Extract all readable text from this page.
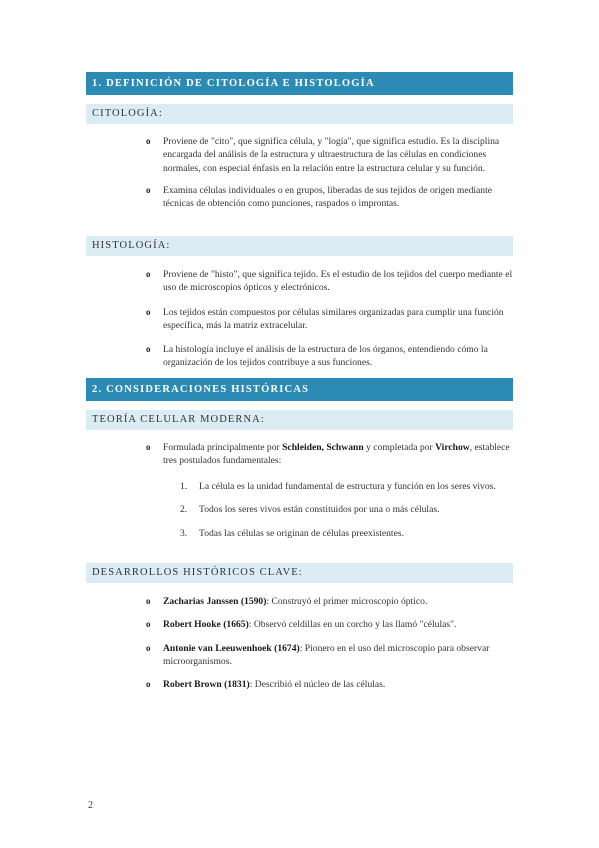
1. DEFINICIÓN DE CITOLOGÍA E HISTOLOGÍA
CITOLOGÍA:
o Proviene de "cito", que significa célula, y "logía", que significa estudio. Es la disciplina encargada del análisis de la estructura y ultraestructura de las células en condiciones normales, con especial énfasis en la relación entre la estructura celular y su función.
o Examina células individuales o en grupos, liberadas de sus tejidos de origen mediante técnicas de obtención como punciones, raspados o improntas.
HISTOLOGÍA:
o Proviene de "histo", que significa tejido. Es el estudio de los tejidos del cuerpo mediante el uso de microscopios ópticos y electrónicos.
o Los tejidos están compuestos por células similares organizadas para cumplir una función específica, más la matriz extracelular.
o La histología incluye el análisis de la estructura de los órganos, entendiendo cómo la organización de los tejidos contribuye a sus funciones.
2. CONSIDERACIONES HISTÓRICAS
TEORÍA CELULAR MODERNA:
o Formulada principalmente por Schleiden, Schwann y completada por Virchow, establece tres postulados fundamentales:
1. La célula es la unidad fundamental de estructura y función en los seres vivos.
2. Todos los seres vivos están constituidos por una o más células.
3. Todas las células se originan de células preexistentes.
DESARROLLOS HISTÓRICOS CLAVE:
o Zacharias Janssen (1590): Construyó el primer microscopio óptico.
o Robert Hooke (1665): Observó celdillas en un corcho y las llamó "células".
o Antonie van Leeuwenhoek (1674): Pionero en el uso del microscopio para observar microorganismos.
o Robert Brown (1831): Describió el núcleo de las células.
2
